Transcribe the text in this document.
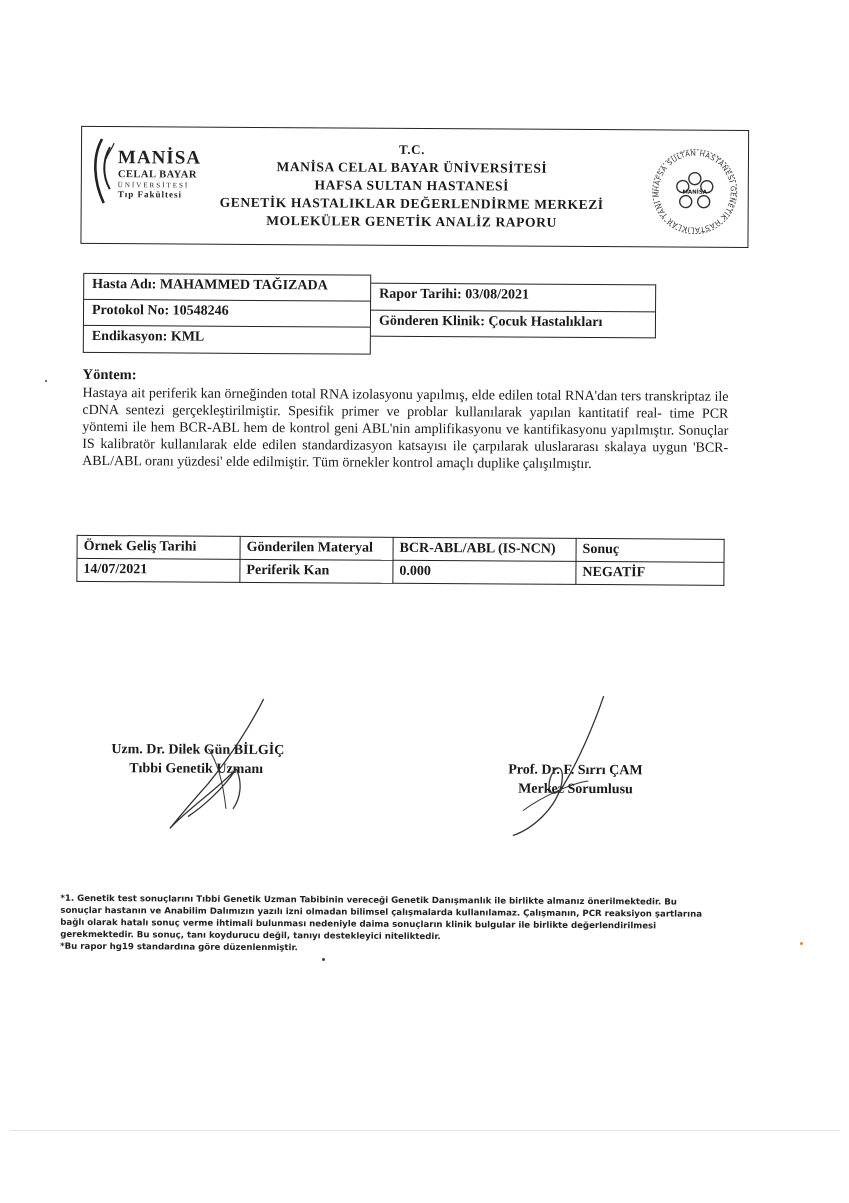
MANİSA
CELAL BAYAR
ÜNİVERSİTESİ
Tıp Fakültesi
T.C.
MANİSA CELAL BAYAR ÜNİVERSİTESİ
HAFSA SULTAN HASTANESİ
GENETİK HASTALIKLAR DEĞERLENDİRME MERKEZİ
MOLEKÜLER GENETİK ANALİZ RAPORU
HAFSA SULTAN HASTANESİ GENETİK HASTALIKLAR TANI MERKEZİ
MANİSA
Hasta Adı: MAHAMMED TAĞIZADA
Protokol No: 10548246
Endikasyon: KML
Rapor Tarihi: 03/08/2021
Gönderen Klinik: Çocuk Hastalıkları
Yöntem:
Hastaya ait periferik kan örneğinden total RNA izolasyonu yapılmış, elde edilen total RNA'dan ters transkriptaz ile cDNA sentezi gerçekleştirilmiştir. Spesifik primer ve problar kullanılarak yapılan kantitatif real- time PCR yöntemi ile hem BCR-ABL hem de kontrol geni ABL'nin amplifikasyonu ve kantifikasyonu yapılmıştır. Sonuçlar IS kalibratör kullanılarak elde edilen standardizasyon katsayısı ile çarpılarak uluslararası skalaya uygun 'BCR-ABL/ABL oranı yüzdesi' elde edilmiştir. Tüm örnekler kontrol amaçlı duplike çalışılmıştır.
Örnek Geliş Tarihi	Gönderilen Materyal	BCR-ABL/ABL (IS-NCN)	Sonuç
14/07/2021	Periferik Kan	0.000	NEGATİF
Uzm. Dr. Dilek Gün BİLGİÇ
Tıbbi Genetik Uzmanı	Prof. Dr. F. Sırrı ÇAM
Merkez Sorumlusu

*1. Genetik test sonuçlarını Tıbbi Genetik Uzman Tabibinin vereceği Genetik Danışmanlık ile birlikte almanız önerilmektedir. Bu sonuçlar hastanın ve Anabilim Dalımızın yazılı izni olmadan bilimsel çalışmalarda kullanılamaz. Çalışmanın, PCR reaksiyon şartlarına bağlı olarak hatalı sonuç verme ihtimali bulunması nedeniyle daima sonuçların klinik bulgular ile birlikte değerlendirilmesi gerekmektedir. Bu sonuç, tanı koydurucu değil, tanıyı destekleyici niteliktedir.

*Bu rapor hg19 standardına göre düzenlenmiştir.
